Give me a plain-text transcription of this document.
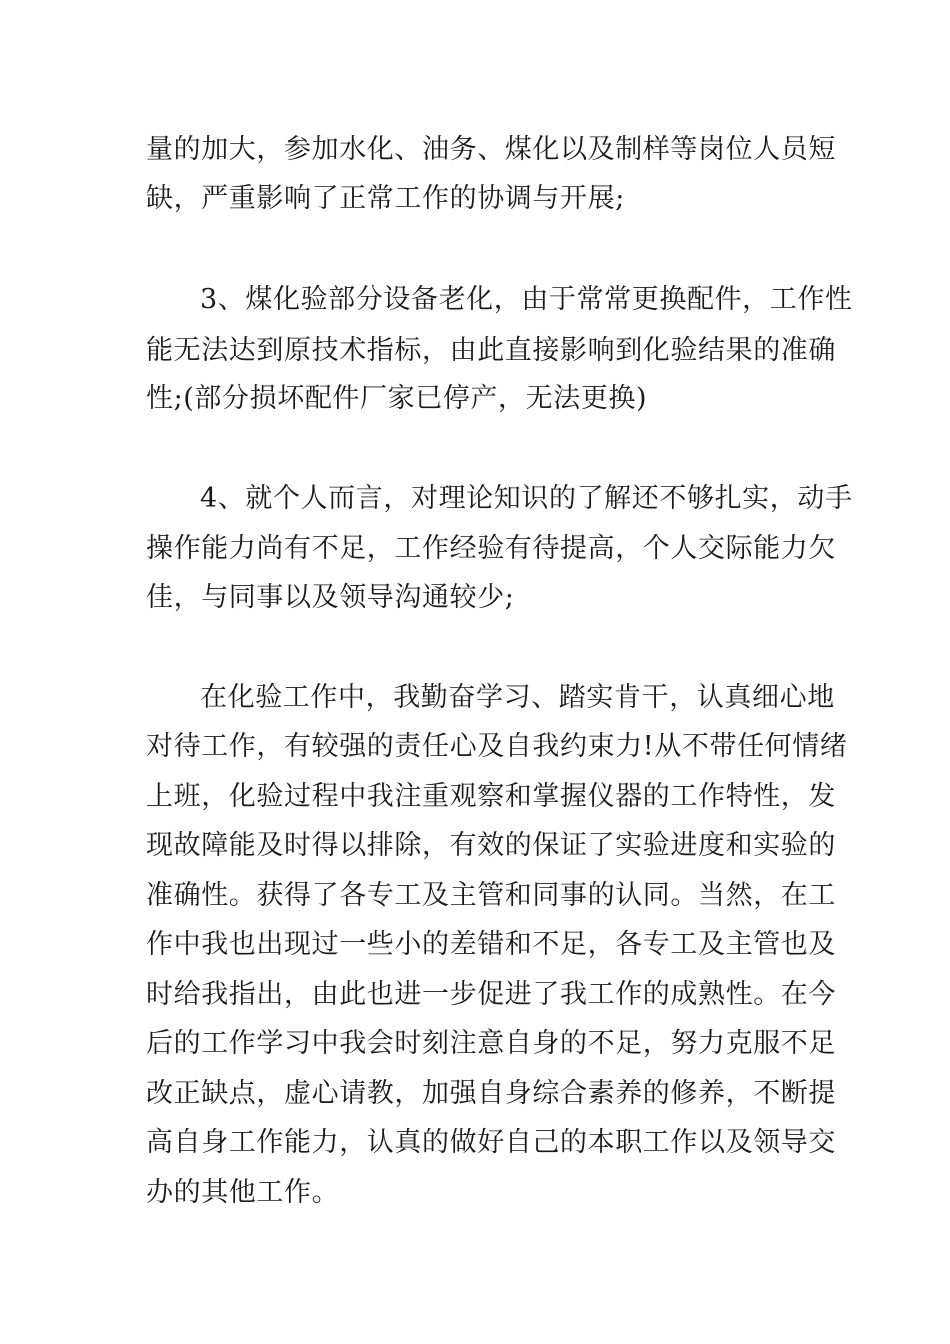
量的加大，参加水化、油务、煤化以及制样等岗位人员短
缺，严重影响了正常工作的协调与开展;
3、煤化验部分设备老化，由于常常更换配件，工作性
能无法达到原技术指标，由此直接影响到化验结果的准确
性;(部分损坏配件厂家已停产，无法更换)
4、就个人而言，对理论知识的了解还不够扎实，动手
操作能力尚有不足，工作经验有待提高，个人交际能力欠
佳，与同事以及领导沟通较少;
在化验工作中，我勤奋学习、踏实肯干，认真细心地
对待工作，有较强的责任心及自我约束力!从不带任何情绪
上班，化验过程中我注重观察和掌握仪器的工作特性，发
现故障能及时得以排除，有效的保证了实验进度和实验的
准确性。获得了各专工及主管和同事的认同。当然，在工
作中我也出现过一些小的差错和不足，各专工及主管也及
时给我指出，由此也进一步促进了我工作的成熟性。在今
后的工作学习中我会时刻注意自身的不足，努力克服不足
改正缺点，虚心请教，加强自身综合素养的修养，不断提
高自身工作能力，认真的做好自己的本职工作以及领导交
办的其他工作。
